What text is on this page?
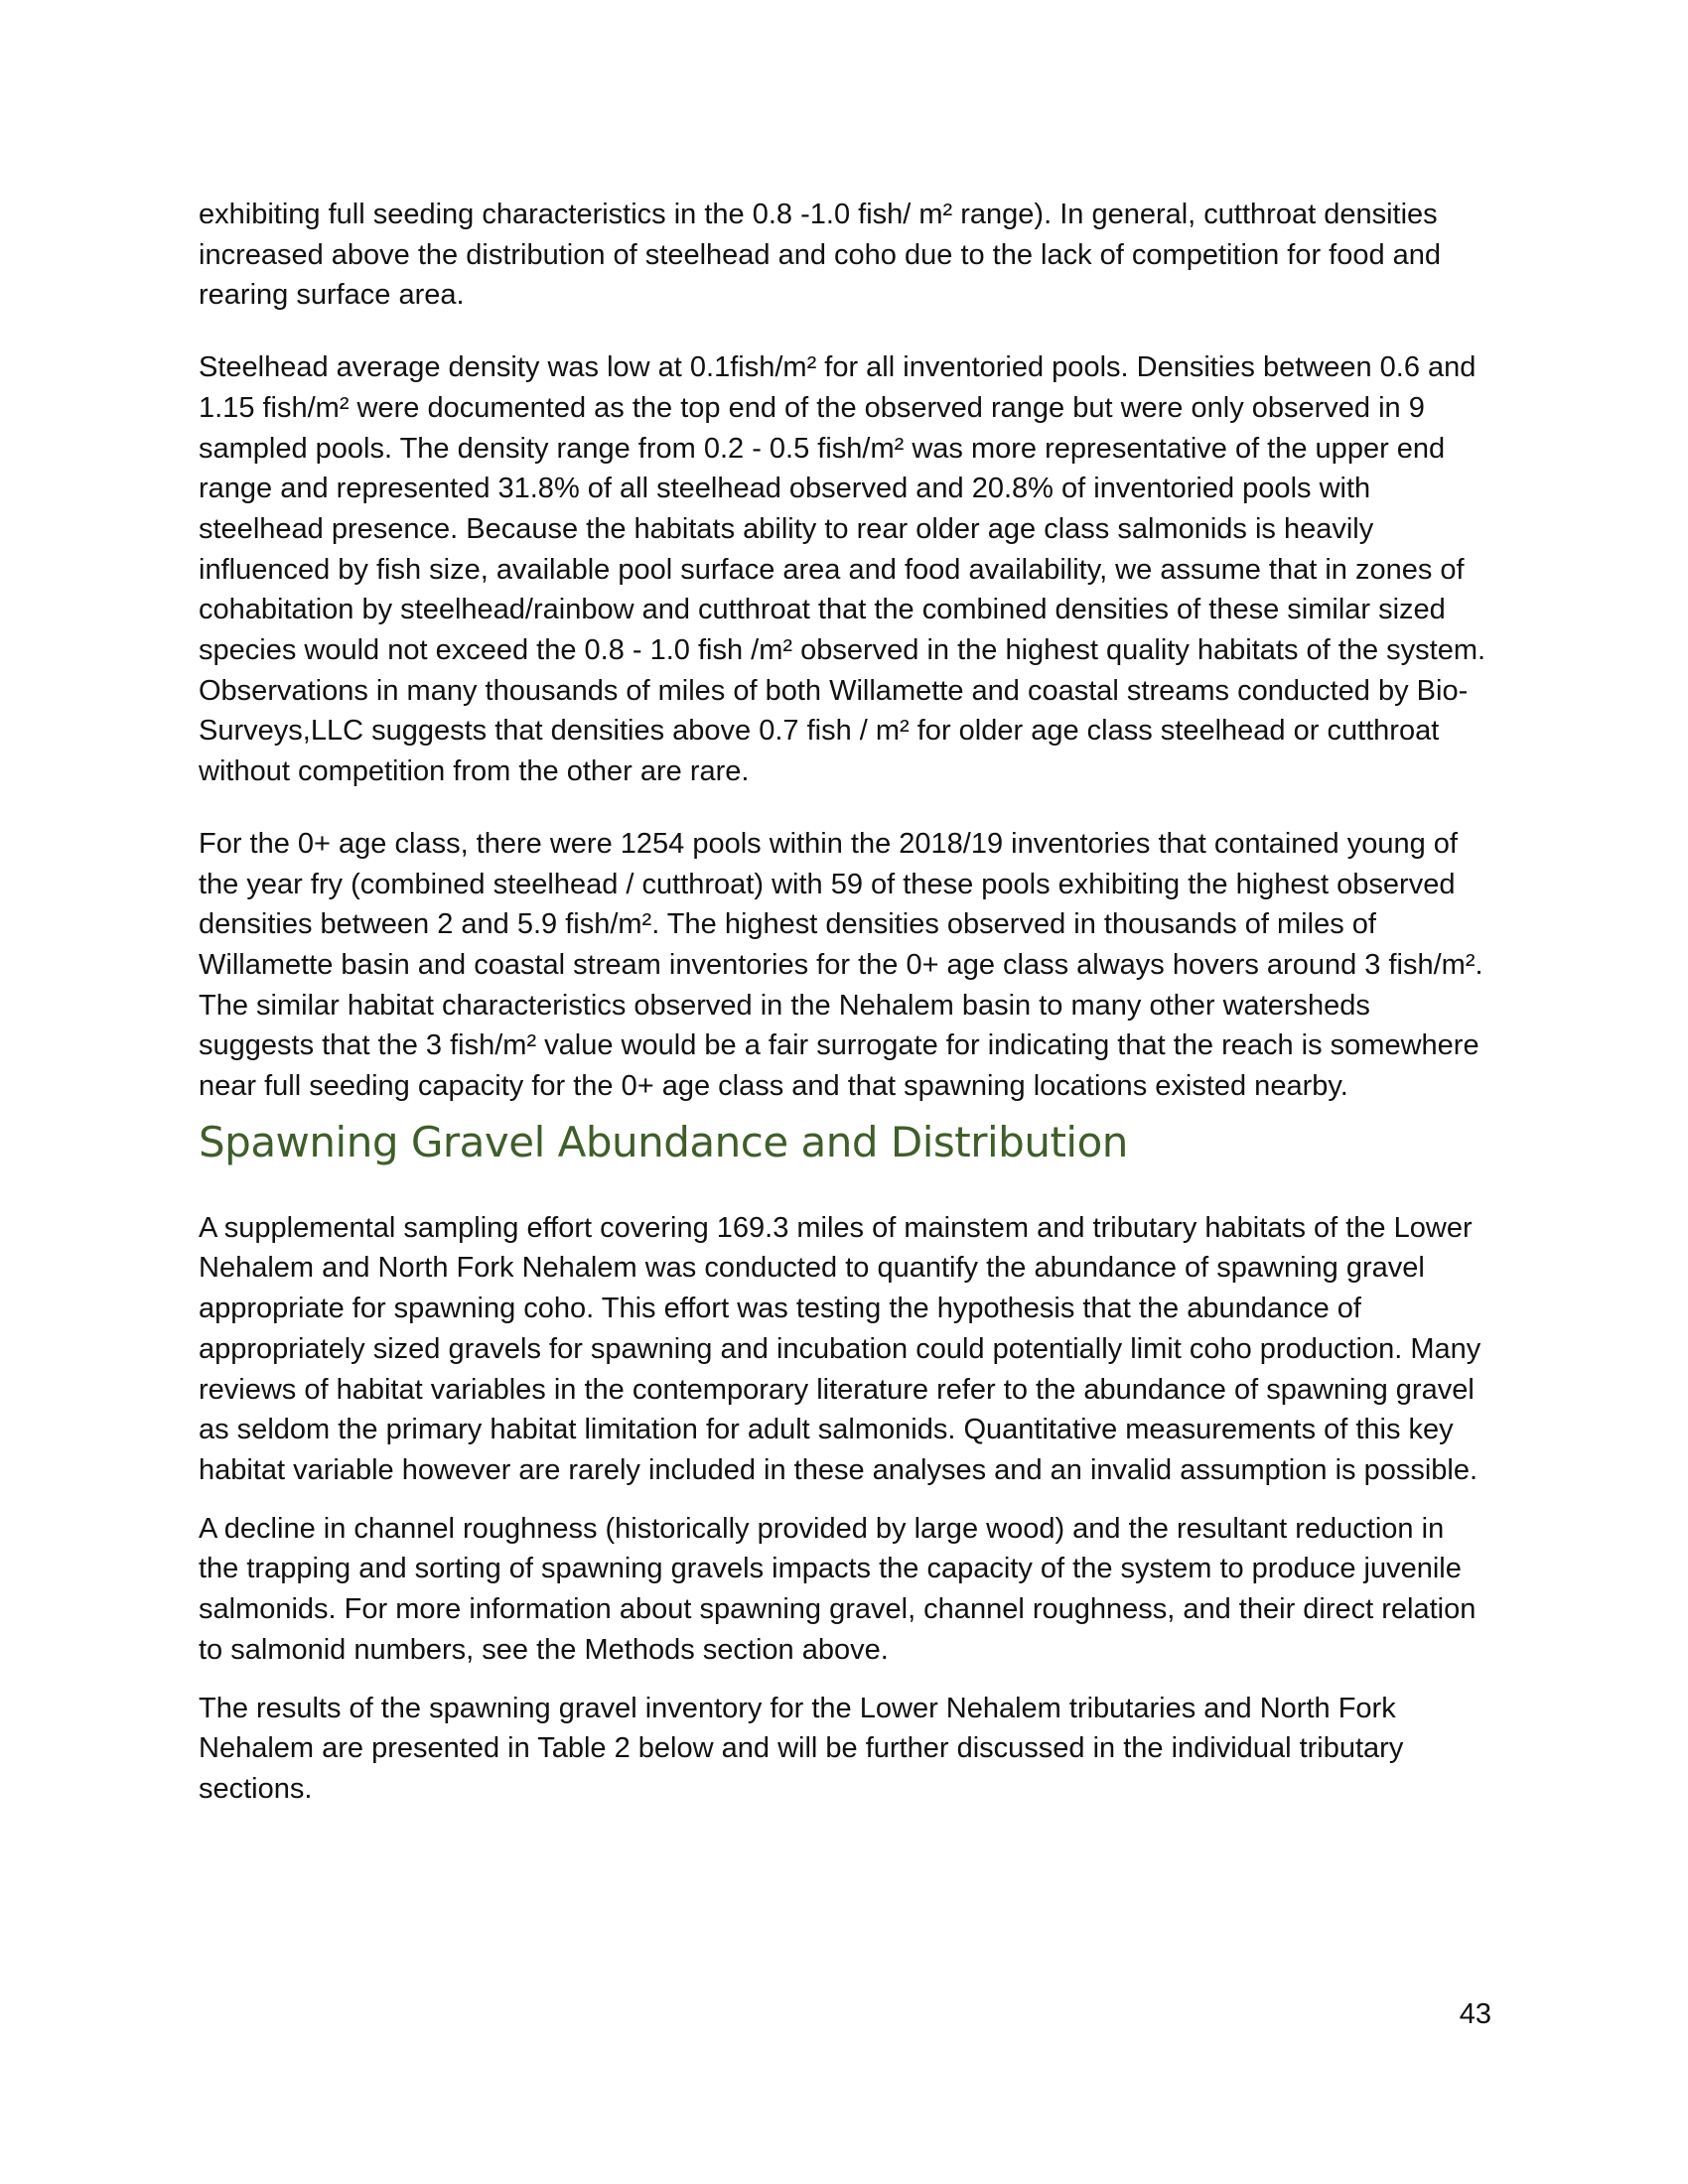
exhibiting full seeding characteristics in the 0.8 -1.0 fish/ m² range). In general, cutthroat densities increased above the distribution of steelhead and coho due to the lack of competition for food and rearing surface area.

Steelhead average density was low at 0.1fish/m² for all inventoried pools. Densities between 0.6 and 1.15 fish/m² were documented as the top end of the observed range but were only observed in 9 sampled pools. The density range from 0.2 - 0.5 fish/m² was more representative of the upper end range and represented 31.8% of all steelhead observed and 20.8% of inventoried pools with steelhead presence. Because the habitats ability to rear older age class salmonids is heavily influenced by fish size, available pool surface area and food availability, we assume that in zones of cohabitation by steelhead/rainbow and cutthroat that the combined densities of these similar sized species would not exceed the 0.8 - 1.0 fish /m² observed in the highest quality habitats of the system. Observations in many thousands of miles of both Willamette and coastal streams conducted by Bio-Surveys,LLC suggests that densities above 0.7 fish / m² for older age class steelhead or cutthroat without competition from the other are rare.

For the 0+ age class, there were 1254 pools within the 2018/19 inventories that contained young of the year fry (combined steelhead / cutthroat) with 59 of these pools exhibiting the highest observed densities between 2 and 5.9 fish/m². The highest densities observed in thousands of miles of Willamette basin and coastal stream inventories for the 0+ age class always hovers around 3 fish/m². The similar habitat characteristics observed in the Nehalem basin to many other watersheds suggests that the 3 fish/m² value would be a fair surrogate for indicating that the reach is somewhere near full seeding capacity for the 0+ age class and that spawning locations existed nearby.

Spawning Gravel Abundance and Distribution

A supplemental sampling effort covering 169.3 miles of mainstem and tributary habitats of the Lower Nehalem and North Fork Nehalem was conducted to quantify the abundance of spawning gravel appropriate for spawning coho. This effort was testing the hypothesis that the abundance of appropriately sized gravels for spawning and incubation could potentially limit coho production. Many reviews of habitat variables in the contemporary literature refer to the abundance of spawning gravel as seldom the primary habitat limitation for adult salmonids. Quantitative measurements of this key habitat variable however are rarely included in these analyses and an invalid assumption is possible.

A decline in channel roughness (historically provided by large wood) and the resultant reduction in the trapping and sorting of spawning gravels impacts the capacity of the system to produce juvenile salmonids. For more information about spawning gravel, channel roughness, and their direct relation to salmonid numbers, see the Methods section above.

The results of the spawning gravel inventory for the Lower Nehalem tributaries and North Fork Nehalem are presented in Table 2 below and will be further discussed in the individual tributary sections.

43
